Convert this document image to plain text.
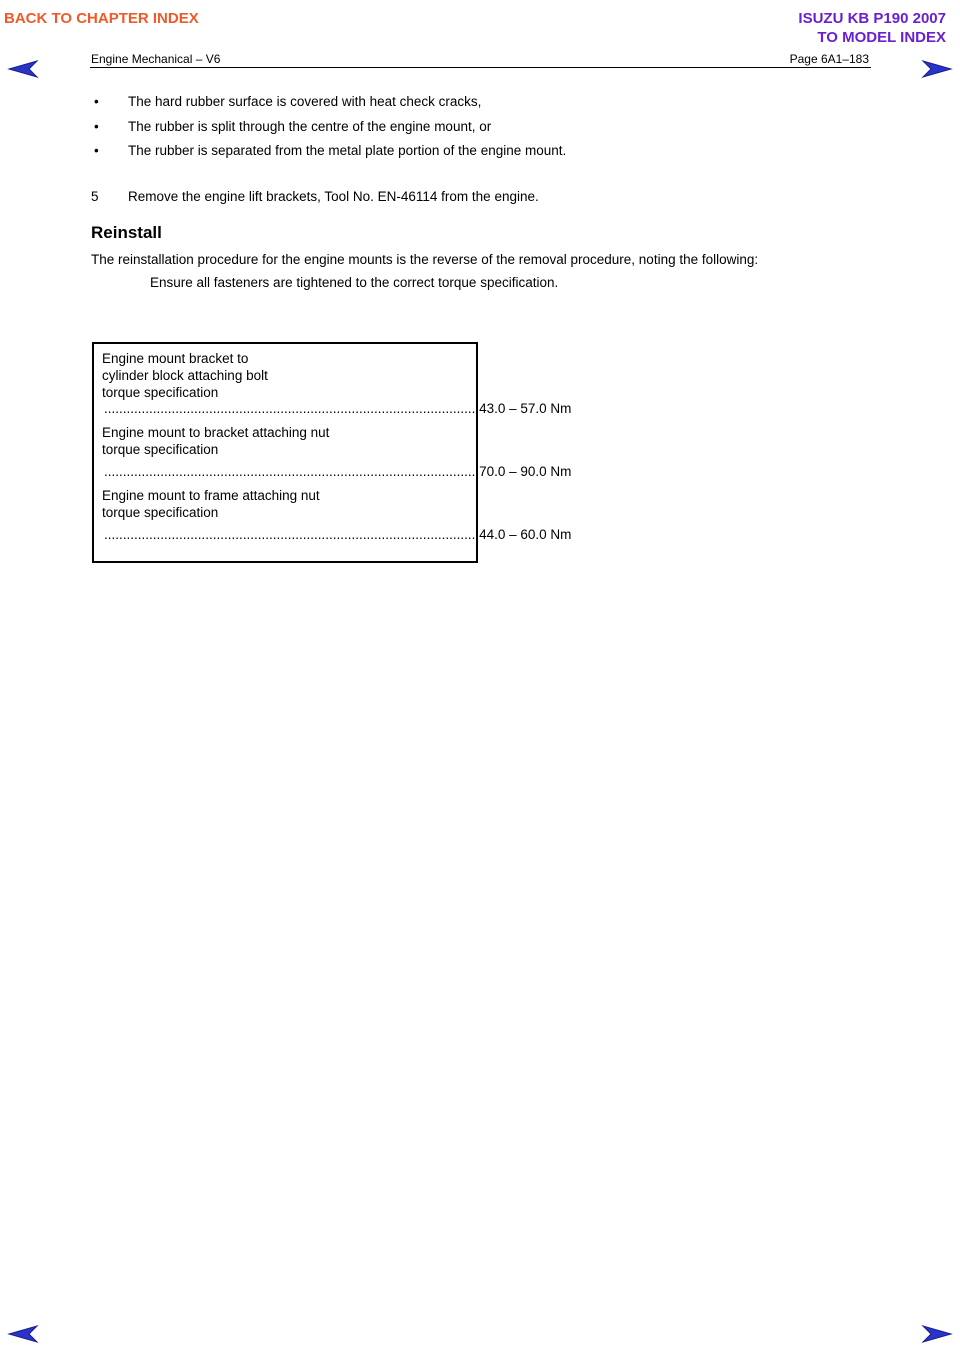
BACK TO CHAPTER INDEX	ISUZU KB P190 2007
TO MODEL INDEX
Engine Mechanical – V6	Page 6A1–183
• The hard rubber surface is covered with heat check cracks,
• The rubber is split through the centre of the engine mount, or
• The rubber is separated from the metal plate portion of the engine mount.
5 Remove the engine lift brackets, Tool No. EN-46114 from the engine.
Reinstall
The reinstallation procedure for the engine mounts is the reverse of the removal procedure, noting the following:
Ensure all fasteners are tightened to the correct torque specification.
Engine mount bracket to
cylinder block attaching bolt
torque specification
.................................................................................................... 43.0 – 57.0 Nm
Engine mount to bracket attaching nut
torque specification
.................................................................................................... 70.0 – 90.0 Nm
Engine mount to frame attaching nut
torque specification
.................................................................................................... 44.0 – 60.0 Nm
